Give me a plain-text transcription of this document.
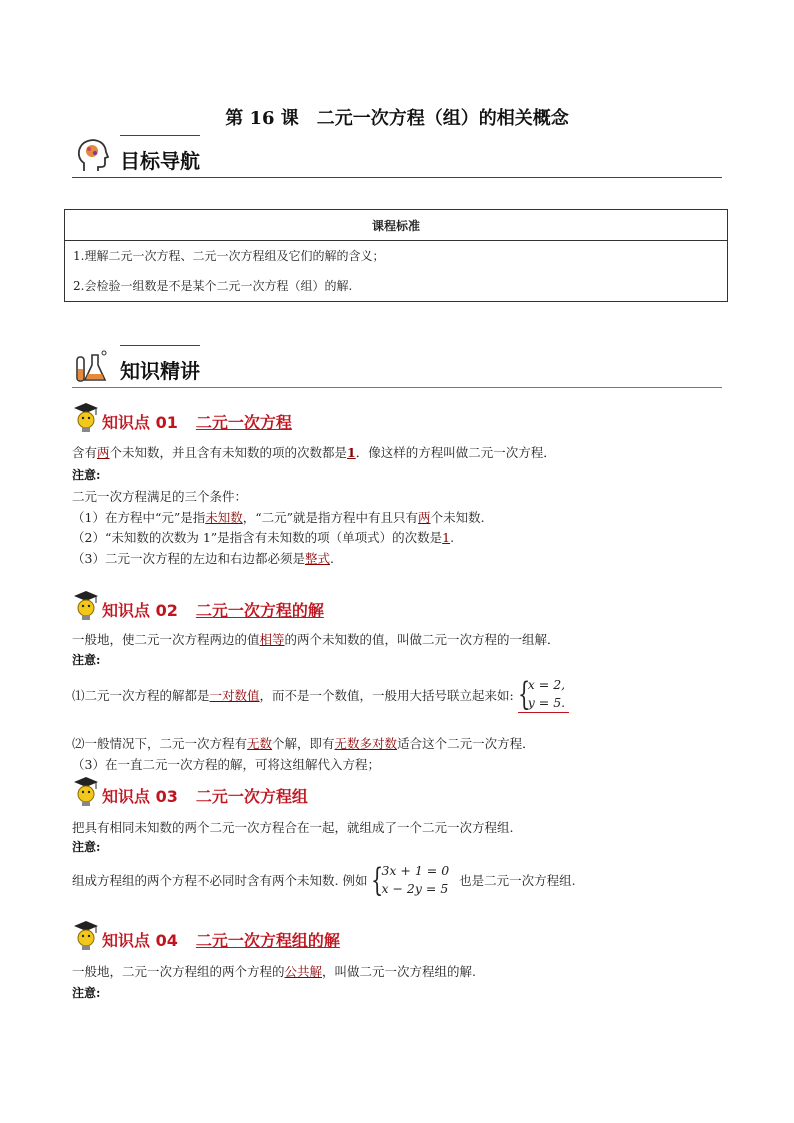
第 16 课　二元一次方程（组）的相关概念
目标导航
课程标准

1.理解二元一次方程、二元一次方程组及它们的解的含义；
2.会检验一组数是不是某个二元一次方程（组）的解.
知识精讲
知识点 01 二元一次方程
含有两个未知数，并且含有未知数的项的次数都是1．像这样的方程叫做二元一次方程．
注意:
二元一次方程满足的三个条件：
（1）在方程中“元”是指未知数，“二元”就是指方程中有且只有两个未知数.
（2）“未知数的次数为 1”是指含有未知数的项（单项式）的次数是1.
（3）二元一次方程的左边和右边都必须是整式.
知识点 02 二元一次方程的解
一般地，使二元一次方程两边的值相等的两个未知数的值，叫做二元一次方程的一组解．
注意:
⑴二元一次方程的解都是一对数值，而不是一个数值，一般用大括号联立起来如: {
x = 2,
y = 5.
⑵一般情况下，二元一次方程有无数个解，即有无数多对数适合这个二元一次方程．
（3）在一直二元一次方程的解，可将这组解代入方程；
知识点 03 二元一次方程组
把具有相同未知数的两个二元一次方程合在一起，就组成了一个二元一次方程组.
注意:
组成方程组的两个方程不必同时含有两个未知数. 例如 {
3x + 1 = 0
x − 2y = 5
也是二元一次方程组.
知识点 04 二元一次方程组的解
一般地，二元一次方程组的两个方程的公共解，叫做二元一次方程组的解.
注意:
